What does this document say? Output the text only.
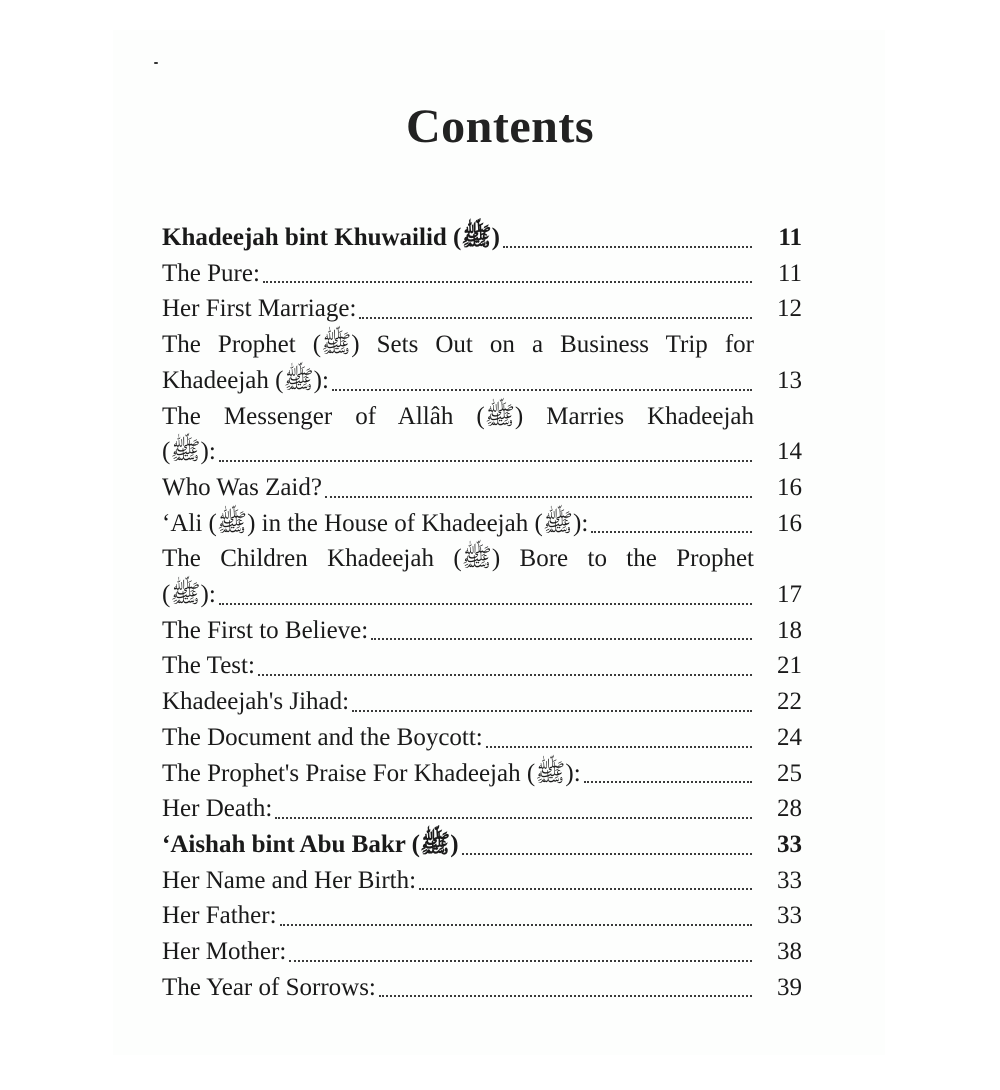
Contents
Khadeejah bint Khuwailid (ﷺ)	11
The Pure:	11
Her First Marriage:	12
The Prophet (ﷺ) Sets Out on a Business Trip for
Khadeejah (ﷺ):	13
The Messenger of Allâh (ﷺ) Marries Khadeejah
(ﷺ):	14
Who Was Zaid?	16
‘Ali (ﷺ) in the House of Khadeejah (ﷺ):	16
The Children Khadeejah (ﷺ) Bore to the Prophet
(ﷺ):	17
The First to Believe:	18
The Test:	21
Khadeejah's Jihad:	22
The Document and the Boycott:	24
The Prophet's Praise For Khadeejah (ﷺ):	25
Her Death:	28
‘Aishah bint Abu Bakr (ﷺ)	33
Her Name and Her Birth:	33
Her Father:	33
Her Mother:	38
The Year of Sorrows:	39
